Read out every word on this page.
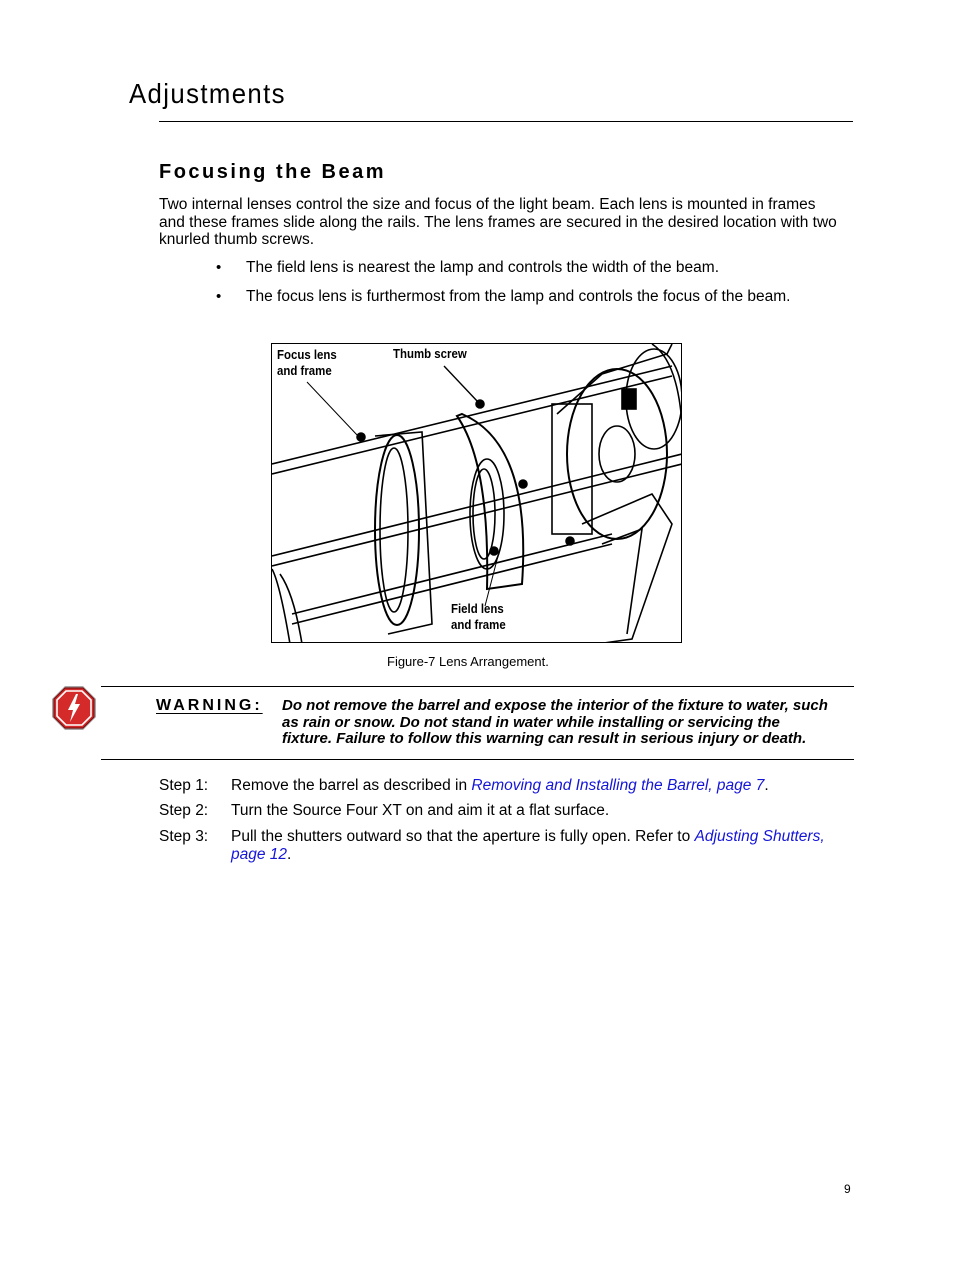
Adjustments
Focusing the Beam
Two internal lenses control the size and focus of the light beam. Each lens is mounted in frames
and these frames slide along the rails. The lens frames are secured in the desired location with two
knurled thumb screws.
• The field lens is nearest the lamp and controls the width of the beam.
• The focus lens is furthermost from the lamp and controls the focus of the beam.
Focus lens
and frame
Thumb screw
Field lens
and frame
Figure-7 Lens Arrangement.
WARNING: Do not remove the barrel and expose the interior of the fixture to water, such
as rain or snow. Do not stand in water while installing or servicing the
fixture. Failure to follow this warning can result in serious injury or death.
Step 1: Remove the barrel as described in Removing and Installing the Barrel, page 7.
Step 2: Turn the Source Four XT on and aim it at a flat surface.
Step 3: Pull the shutters outward so that the aperture is fully open. Refer to Adjusting Shutters,
page 12.
9
